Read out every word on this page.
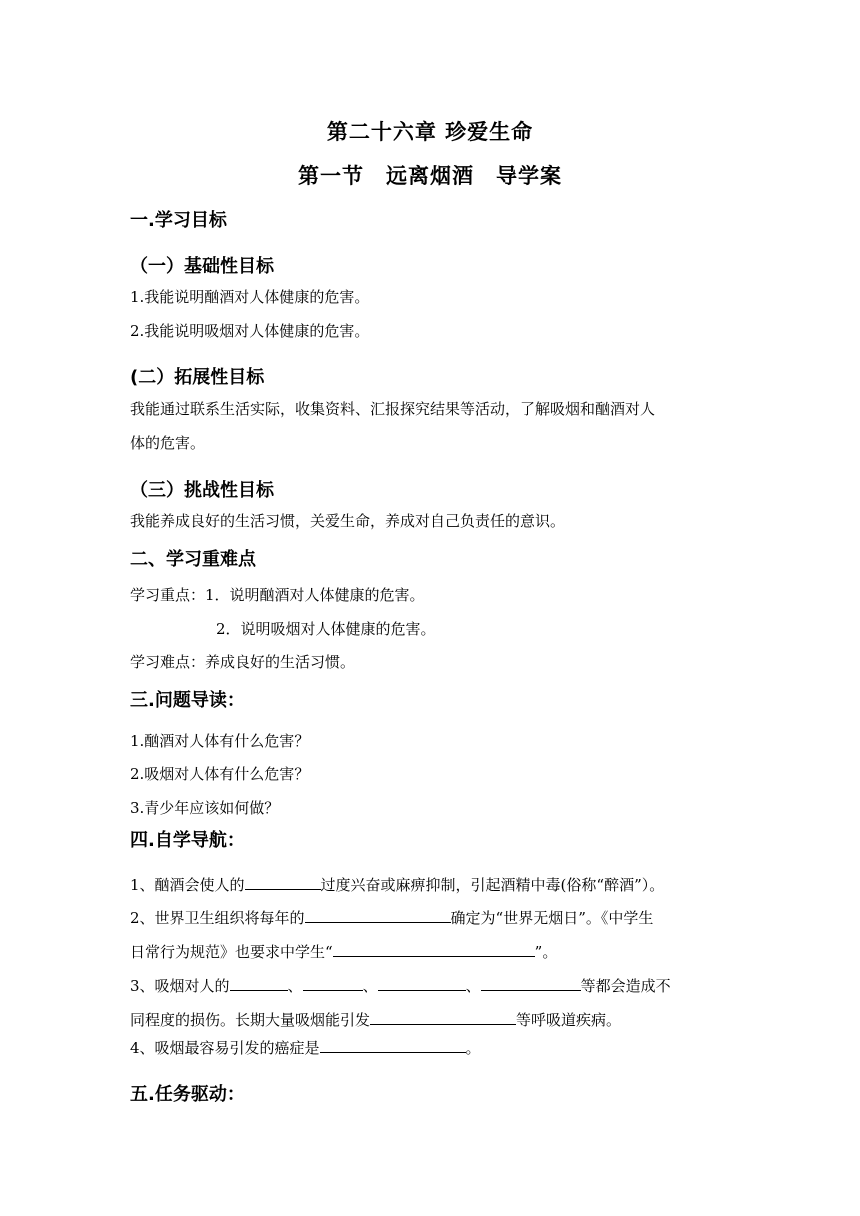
第二十六章 珍爱生命
第一节　远离烟酒　导学案
一.学习目标
（一）基础性目标
1.我能说明酗酒对人体健康的危害。
2.我能说明吸烟对人体健康的危害。
(二）拓展性目标
我能通过联系生活实际，收集资料、汇报探究结果等活动，了解吸烟和酗酒对人
体的危害。
（三）挑战性目标
我能养成良好的生活习惯，关爱生命，养成对自己负责任的意识。
二、学习重难点
学习重点：1．说明酗酒对人体健康的危害。
2．说明吸烟对人体健康的危害。
学习难点：养成良好的生活习惯。
三.问题导读：
1.酗酒对人体有什么危害？
2.吸烟对人体有什么危害？
3.青少年应该如何做？
四.自学导航：
1、酗酒会使人的	过度兴奋或麻痹抑制，引起酒精中毒(俗称“醉酒”）。
2、世界卫生组织将每年的	确定为“世界无烟日”。《中学生
日常行为规范》也要求中学生“	”。
3、吸烟对人的	、	、	、	等都会造成不
同程度的损伤。长期大量吸烟能引发	等呼吸道疾病。
4、吸烟最容易引发的癌症是	。
五.任务驱动：
